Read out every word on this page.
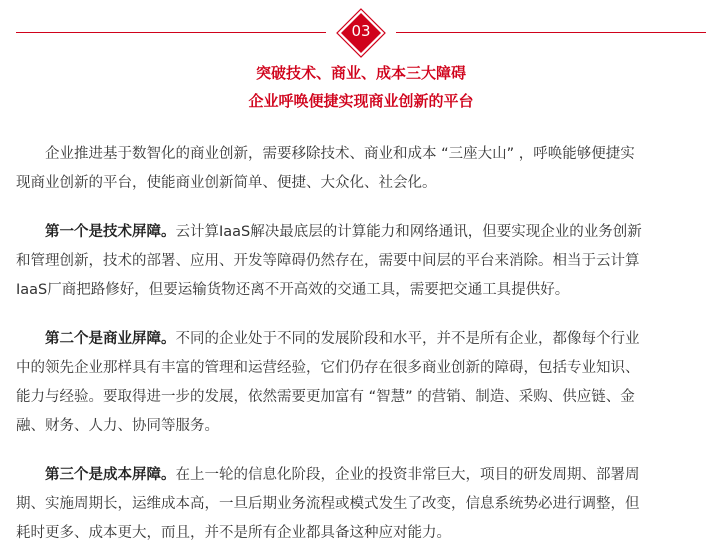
03
突破技术、商业、成本三大障碍
企业呼唤便捷实现商业创新的平台
企业推进基于数智化的商业创新，需要移除技术、商业和成本 “三座大山” ，呼唤能够便捷实
现商业创新的平台，使能商业创新简单、便捷、大众化、社会化。
第一个是技术屏障。云计算IaaS解决最底层的计算能力和网络通讯，但要实现企业的业务创新
和管理创新，技术的部署、应用、开发等障碍仍然存在，需要中间层的平台来消除。相当于云计算
IaaS厂商把路修好，但要运输货物还离不开高效的交通工具，需要把交通工具提供好。
第二个是商业屏障。不同的企业处于不同的发展阶段和水平，并不是所有企业，都像每个行业
中的领先企业那样具有丰富的管理和运营经验，它们仍存在很多商业创新的障碍，包括专业知识、
能力与经验。要取得进一步的发展，依然需要更加富有 “智慧” 的营销、制造、采购、供应链、金
融、财务、人力、协同等服务。
第三个是成本屏障。在上一轮的信息化阶段，企业的投资非常巨大，项目的研发周期、部署周
期、实施周期长，运维成本高，一旦后期业务流程或模式发生了改变，信息系统势必进行调整，但
耗时更多、成本更大，而且，并不是所有企业都具备这种应对能力。
